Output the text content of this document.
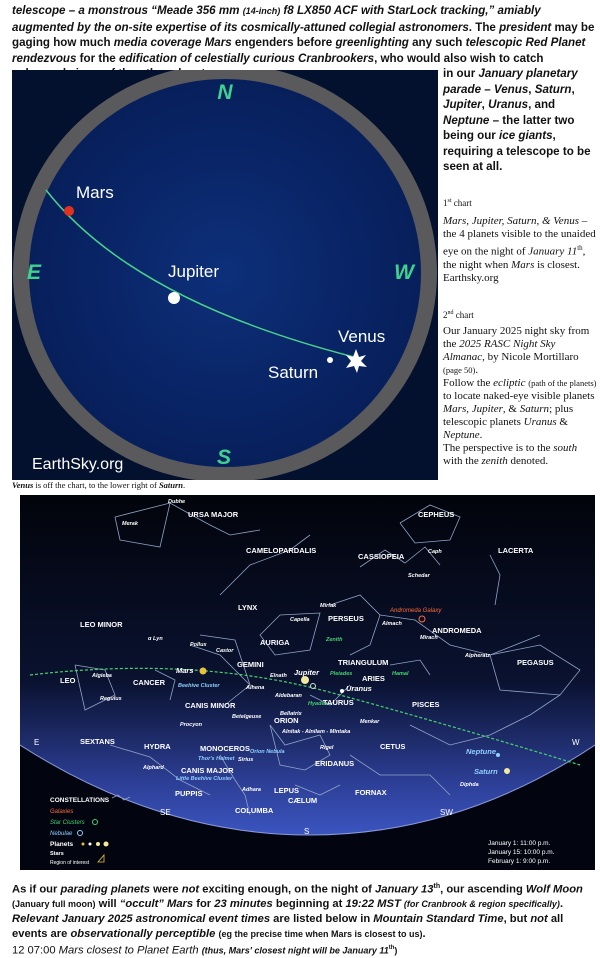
telescope – a monstrous “Meade 356 mm (14-inch) f8 LX850 ACF with StarLock tracking,” amiably augmented by the on-site expertise of its cosmically-attuned collegial astronomers. The president may be gaging how much media coverage Mars engenders before greenlighting any such telescopic Red Planet rendezvous for the edification of celestially curious Cranbrookers, who would also wish to catch
in our January planetary parade – Venus, Saturn, Jupiter, Uranus, and Neptune – the latter two being our ice giants, requiring a telescope to be seen at all.
1st chart
Mars, Jupiter, Saturn, & Venus – the 4 planets visible to the unaided eye on the night of January 11th, the night when Mars is closest. Earthsky.org
2nd chart
Our January 2025 night sky from the 2025 RASC Night Sky Almanac, by Nicole Mortillaro (page 50).
Follow the ecliptic (path of the planets) to locate naked-eye visible planets Mars, Jupiter, & Saturn; plus telescopic planets Uranus & Neptune.
The perspective is to the south with the zenith denoted.
N
E	W
S
Mars
Jupiter
Venus
Saturn
EarthSky.org
Venus is off the chart, to the lower right of Saturn.
URSA MAJOR	CEPHEUS
CAMELOPARDALIS
CASSIOPEIA
LACERTA
LYNX
PERSEUS
ANDROMEDA
LEO MINOR
AURIGA
TRIANGULUM	PEGASUS
LEO	CANCER
GEMINI
ARIES
TAURUS
CANIS MINOR	PISCES
ORION
SEXTANS
HYDRA	MONOCEROS
ERIDANUS
CETUS
CANIS MAJOR
PUPPIS	LEPUS	FORNAX
COLUMBA
CÆLUM
Dubhe
Merak
Caph
Schedar
Mirfak
Almach
Mirach
Capella
Alpheratz
Pollux
Castor
Alhena
Elnath
Aldebaran
Bellatrix
Betelgeuse
Procyon	Menkar
Alnitak - Alnilam - Mintaka
Rigel
Regulus
Algieba
Alphard
Sirius
Adhara
Diphda
α Lyn	Zenith
Pleiades	Hamal
Hyades
Beehive Cluster
Thor's Helmet
Little Beehive Cluster
Orion Nebula
Andromeda Galaxy
Mars	Jupiter
Uranus
Neptune
Saturn
E
SE
S
SW
W
CONSTELLATIONS
Galaxies
Star Clusters
Nebulae
Planets
Stars
Region of interest
January 1: 11:00 p.m.
January 15: 10:00 p.m.
February 1: 9:00 p.m.
As if our parading planets were not exciting enough, on the night of January 13th, our ascending Wolf Moon
(January full moon) will “occult” Mars for 23 minutes beginning at 19:22 MST (for Cranbrook & region specifically).
Relevant January 2025 astronomical event times are listed below in Mountain Standard Time, but not all events are observationally perceptible (eg the precise time when Mars is closest to us).
12 07:00 Mars closest to Planet Earth (thus, Mars' closest night will be January 11th)
